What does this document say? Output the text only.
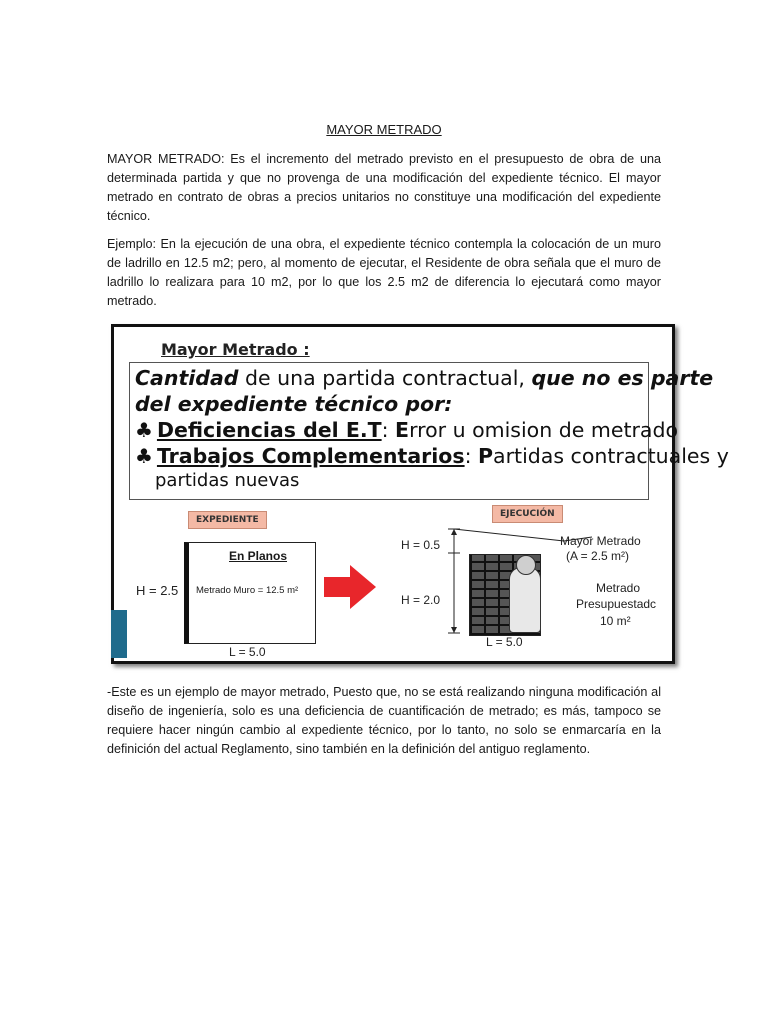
MAYOR METRADO

MAYOR METRADO: Es el incremento del metrado previsto en el presupuesto de obra de una determinada partida y que no provenga de una modificación del expediente técnico. El mayor metrado en contrato de obras a precios unitarios no constituye una modificación del expediente técnico.

Ejemplo: En la ejecución de una obra, el expediente técnico contempla la colocación de un muro de ladrillo en 12.5 m2; pero, al momento de ejecutar, el Residente de obra señala que el muro de ladrillo lo realizara para 10 m2, por lo que los 2.5 m2 de diferencia lo ejecutará como mayor metrado.

Mayor Metrado :
Cantidad de una partida contractual, que no es parte
del expediente técnico por:
♣ Deficiencias del E.T: Error u omision de metrado
♣ Trabajos Complementarios: Partidas contractuales y
partidas nuevas
EXPEDIENTE
EJECUCIÓN
H = 2.5
En Planos
Metrado Muro = 12.5 m²
L = 5.0
H = 0.5
H = 2.0
L = 5.0
Mayor Metrado
(A = 2.5 m²)
Metrado
Presupuestadc
10 m²

-Este es un ejemplo de mayor metrado, Puesto que, no se está realizando ninguna modificación al diseño de ingeniería, solo es una deficiencia de cuantificación de metrado; es más, tampoco se requiere hacer ningún cambio al expediente técnico, por lo tanto, no solo se enmarcaría en la definición del actual Reglamento, sino también en la definición del antiguo reglamento.
